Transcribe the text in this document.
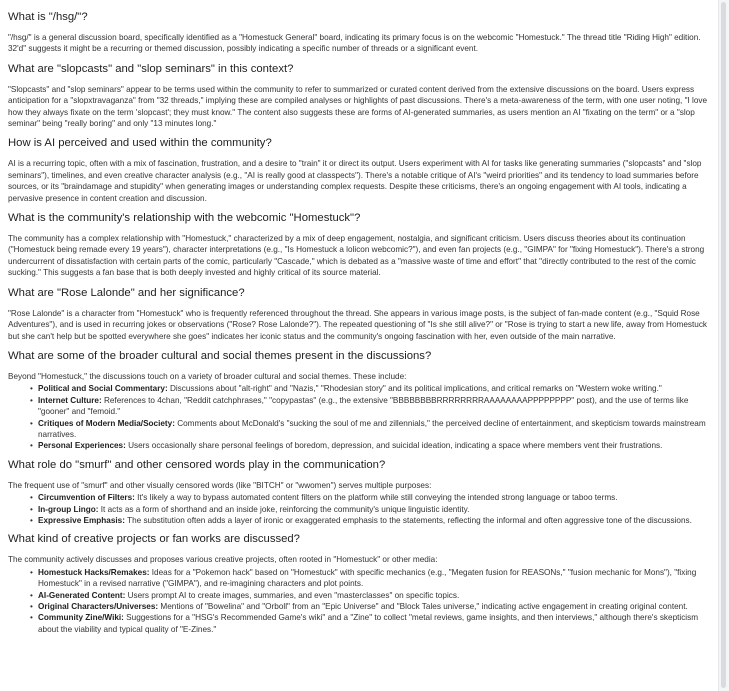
What is "/hsg/"?

"/hsg/" is a general discussion board, specifically identified as a "Homestuck General" board, indicating its primary focus is on the webcomic "Homestuck." The thread title "Riding High" edition. 32'd" suggests it might be a recurring or themed discussion, possibly indicating a specific number of threads or a significant event.

What are "slopcasts" and "slop seminars" in this context?

"Slopcasts" and "slop seminars" appear to be terms used within the community to refer to summarized or curated content derived from the extensive discussions on the board. Users express anticipation for a "slopxtravaganza" from "32 threads," implying these are compiled analyses or highlights of past discussions. There's a meta-awareness of the term, with one user noting, "I love how they always fixate on the term 'slopcast'; they must know." The content also suggests these are forms of AI-generated summaries, as users mention an AI "fixating on the term" or a "slop seminar" being "really boring" and only "13 minutes long."

How is AI perceived and used within the community?

AI is a recurring topic, often with a mix of fascination, frustration, and a desire to "train" it or direct its output. Users experiment with AI for tasks like generating summaries ("slopcasts" and "slop seminars"), timelines, and even creative character analysis (e.g., "AI is really good at classpects"). There's a notable critique of AI's "weird priorities" and its tendency to load summaries before sources, or its "braindamage and stupidity" when generating images or understanding complex requests. Despite these criticisms, there's an ongoing engagement with AI tools, indicating a pervasive presence in content creation and discussion.

What is the community's relationship with the webcomic "Homestuck"?

The community has a complex relationship with "Homestuck," characterized by a mix of deep engagement, nostalgia, and significant criticism. Users discuss theories about its continuation ("Homestuck being remade every 19 years"), character interpretations (e.g., "Is Homestuck a lolicon webcomic?"), and even fan projects (e.g., "GIMPA" for "fixing Homestuck"). There's a strong undercurrent of dissatisfaction with certain parts of the comic, particularly "Cascade," which is debated as a "massive waste of time and effort" that "directly contributed to the rest of the comic sucking." This suggests a fan base that is both deeply invested and highly critical of its source material.

What are "Rose Lalonde" and her significance?

"Rose Lalonde" is a character from "Homestuck" who is frequently referenced throughout the thread. She appears in various image posts, is the subject of fan-made content (e.g., "Squid Rose Adventures"), and is used in recurring jokes or observations ("Rose? Rose Lalonde?"). The repeated questioning of "Is she still alive?" or "Rose is trying to start a new life, away from Homestuck but she can't help but be spotted everywhere she goes" indicates her iconic status and the community's ongoing fascination with her, even outside of the main narrative.

What are some of the broader cultural and social themes present in the discussions?

Beyond "Homestuck," the discussions touch on a variety of broader cultural and social themes. These include:

• Political and Social Commentary: Discussions about "alt-right" and "Nazis," "Rhodesian story" and its political implications, and critical remarks on "Western woke writing."
• Internet Culture: References to 4chan, "Reddit catchphrases," "copypastas" (e.g., the extensive "BBBBBBBBRRRRRRRRAAAAAAAAPPPPPPPP" post), and the use of terms like "gooner" and "femoid."
• Critiques of Modern Media/Society: Comments about McDonald's "sucking the soul of me and zillennials," the perceived decline of entertainment, and skepticism towards mainstream narratives.
• Personal Experiences: Users occasionally share personal feelings of boredom, depression, and suicidal ideation, indicating a space where members vent their frustrations.
What role do "smurf" and other censored words play in the communication?

The frequent use of "smurf" and other visually censored words (like "BITCH" or "wwomen") serves multiple purposes:

• Circumvention of Filters: It's likely a way to bypass automated content filters on the platform while still conveying the intended strong language or taboo terms.
• In-group Lingo: It acts as a form of shorthand and an inside joke, reinforcing the community's unique linguistic identity.
• Expressive Emphasis: The substitution often adds a layer of ironic or exaggerated emphasis to the statements, reflecting the informal and often aggressive tone of the discussions.
What kind of creative projects or fan works are discussed?

The community actively discusses and proposes various creative projects, often rooted in "Homestuck" or other media:

• Homestuck Hacks/Remakes: Ideas for a "Pokemon hack" based on "Homestuck" with specific mechanics (e.g., "Megaten fusion for REASONs," "fusion mechanic for Mons"), "fixing Homestuck" in a revised narrative ("GIMPA"), and re-imagining characters and plot points.
• AI-Generated Content: Users prompt AI to create images, summaries, and even "masterclasses" on specific topics.
• Original Characters/Universes: Mentions of "Bowelina" and "Orboll" from an "Epic Universe" and "Block Tales universe," indicating active engagement in creating original content.
• Community Zine/Wiki: Suggestions for a "HSG's Recommended Game's wiki" and a "Zine" to collect "metal reviews, game insights, and then interviews," although there's skepticism about the viability and typical quality of "E-Zines."
